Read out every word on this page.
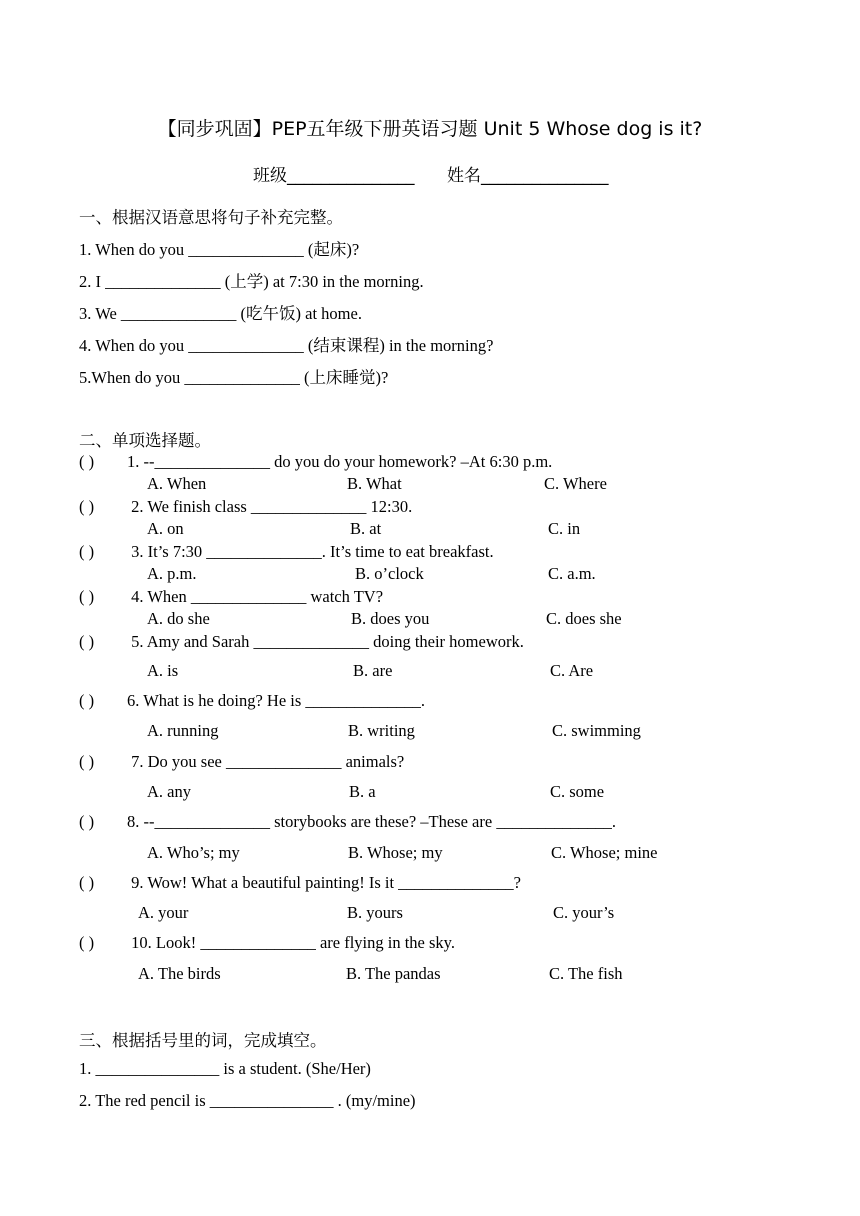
【同步巩固】PEP五年级下册英语习题 Unit 5 Whose dog is it?
班级_______________ 姓名_______________
一、根据汉语意思将句子补充完整。
1. When do you ______________ (起床)?
2. I ______________ (上学) at 7:30 in the morning.
3. We ______________ (吃午饭) at home.
4. When do you ______________ (结束课程) in the morning?
5.When do you ______________ (上床睡觉)?
二、单项选择题。
( ) 1. --______________ do you do your homework? –At 6:30 p.m.
A. When	B. What	C. Where
( ) 2. We finish class ______________ 12:30.
A. on	B. at	C. in
( ) 3. It’s 7:30 ______________. It’s time to eat breakfast.
A. p.m.	B. o’clock	C. a.m.
( ) 4. When ______________ watch TV?
A. do she	B. does you	C. does she
( ) 5. Amy and Sarah ______________ doing their homework.
A. is	B. are	C. Are
( ) 6. What is he doing? He is ______________.
A. running	B. writing	C. swimming
( ) 7. Do you see ______________ animals?
A. any	B. a	C. some
( ) 8. --______________ storybooks are these? –These are ______________.
A. Who’s; my	B. Whose; my	C. Whose; mine
( ) 9. Wow! What a beautiful painting! Is it ______________?
A. your	B. yours	C. your’s
( ) 10. Look! ______________ are flying in the sky.
A. The birds	B. The pandas	C. The fish
三、根据括号里的词，完成填空。
1. _______________ is a student. (She/Her)
2. The red pencil is _______________ . (my/mine)
